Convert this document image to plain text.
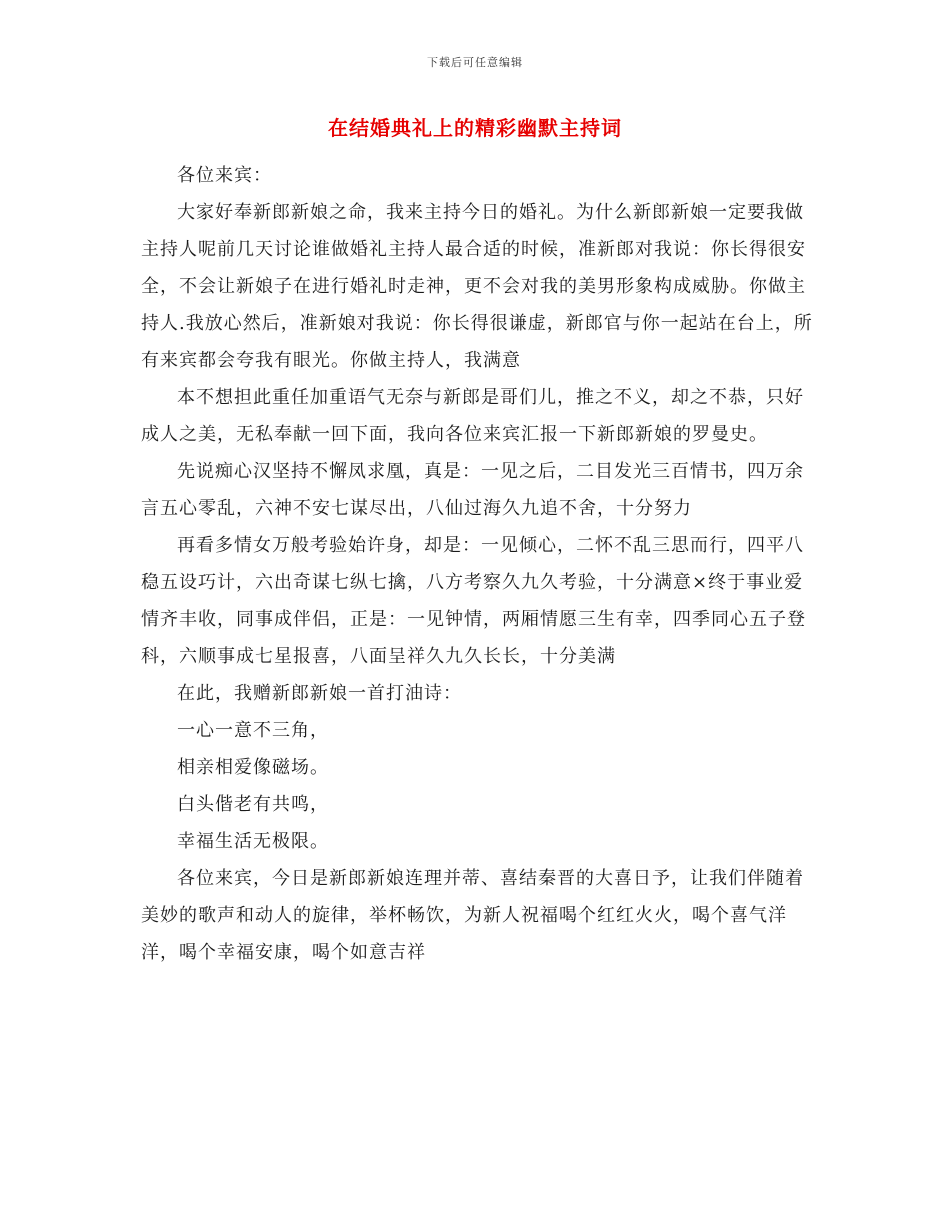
下载后可任意编辑
在结婚典礼上的精彩幽默主持词

各位来宾：

大家好奉新郎新娘之命，我来主持今日的婚礼。为什么新郎新娘一定要我做主持人呢前几天讨论谁做婚礼主持人最合适的时候，准新郎对我说：你长得很安全，不会让新娘子在进行婚礼时走神，更不会对我的美男形象构成威胁。你做主持人.我放心然后，准新娘对我说：你长得很谦虚，新郎官与你一起站在台上，所有来宾都会夸我有眼光。你做主持人，我满意

本不想担此重任加重语气无奈与新郎是哥们儿，推之不义，却之不恭，只好成人之美，无私奉献一回下面，我向各位来宾汇报一下新郎新娘的罗曼史。

先说痴心汉坚持不懈凤求凰，真是：一见之后，二目发光三百情书，四万余言五心零乱，六神不安七谋尽出，八仙过海久九追不舍，十分努力

再看多情女万般考验始许身，却是：一见倾心，二怀不乱三思而行，四平八稳五设巧计，六出奇谋七纵七擒，八方考察久九久考验，十分满意×终于事业爱情齐丰收，同事成伴侣，正是：一见钟情，两厢情愿三生有幸，四季同心五子登科，六顺事成七星报喜，八面呈祥久九久长长，十分美满

在此，我赠新郎新娘一首打油诗：

一心一意不三角，

相亲相爱像磁场。

白头偕老有共鸣，

幸福生活无极限。

各位来宾，今日是新郎新娘连理并蒂、喜结秦晋的大喜日予，让我们伴随着美妙的歌声和动人的旋律，举杯畅饮，为新人祝福喝个红红火火，喝个喜气洋洋，喝个幸福安康，喝个如意吉祥
